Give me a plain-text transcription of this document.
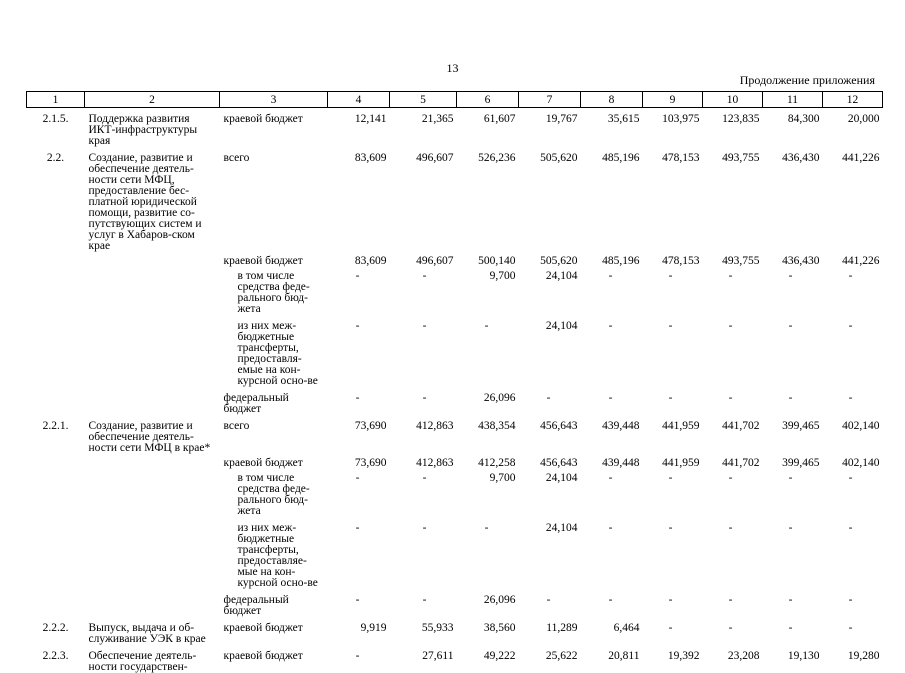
13
Продолжение приложения
1	2	3	4	5	6	7	8	9	10	11	12
2.1.5.	Поддержка развития ИКТ-инфраструктуры края	краевой бюджет	12,141	21,365	61,607	19,767	35,615	103,975	123,835	84,300	20,000
2.2.	Создание, развитие и обеспечение деятель-ности сети МФЦ, предоставление бес-платной юридической помощи, развитие со-путствующих систем и услуг в Хабаров-ском крае	всего	83,609	496,607	526,236	505,620	485,196	478,153	493,755	436,430	441,226
		краевой бюджет	83,609	496,607	500,140	505,620	485,196	478,153	493,755	436,430	441,226
		в том числе средства феде-рального бюд-жета	-	-	9,700	24,104	-	-	-	-	-
		из них меж-бюджетные трансферты, предоставля-емые на кон-курсной осно-ве	-	-	-	24,104	-	-	-	-	-
		федеральный бюджет	-	-	26,096	-	-	-	-	-	-
2.2.1.	Создание, развитие и обеспечение деятель-ности сети МФЦ в крае*	всего	73,690	412,863	438,354	456,643	439,448	441,959	441,702	399,465	402,140
		краевой бюджет	73,690	412,863	412,258	456,643	439,448	441,959	441,702	399,465	402,140
		в том числе средства феде-рального бюд-жета	-	-	9,700	24,104	-	-	-	-	-
		из них меж-бюджетные трансферты, предоставляе-мые на кон-курсной осно-ве	-	-	-	24,104	-	-	-	-	-
		федеральный бюджет	-	-	26,096	-	-	-	-	-	-
2.2.2.	Выпуск, выдача и об-служивание УЭК в крае	краевой бюджет	9,919	55,933	38,560	11,289	6,464	-	-	-	-
2.2.3.	Обеспечение деятель-ности государствен-	краевой бюджет	-	27,611	49,222	25,622	20,811	19,392	23,208	19,130	19,280
